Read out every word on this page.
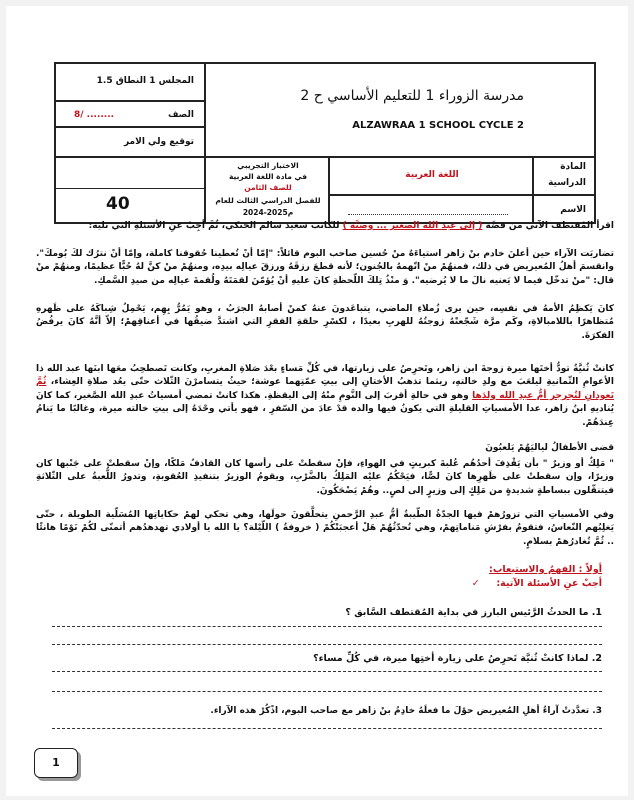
المجلس 1 النطاق 1.5
8/ ........	الصف
توقيع ولي الامر
40
مدرسة الزوراء 1 للتعليم الأساسي ح 2
ALZAWRAA 1 SCHOOL CYCLE 2
الاختبار التجريبي
في مادة اللغة العربية
للصف الثامن
للفصل الدراسي الثالث للعام
2024-2025م
اللغة العربية
المادة
الدراسية
الاسم
اقرأ المُقتطف الآتي من قصَّة ( إلى عبد الله الصغير ... وصيَّة ) للكاتب سعيد سالم الحنكي، ثُمَّ أجِبْ عنِ الأسئلةِ التي تليه:
تضاربَت الآراء حين أعلنَ خادم بنْ زاهر استياءَهُ منْ حُسين صاحب البوم قائلاً: "إمّا أنْ تُعطينا حُقوقنا كاملة، وإمّا أنْ نترُك لكَ بُومكَ". وانقسمَ أهلُ المُعيريض في ذلك، فمنهُمْ منْ اتّهمهُ بالجُنون؛ لأنه قطعَ رزقَهُ ورزقَ عيالِه بيدِه، ومنهُمْ منْ كنَّ لهُ حُبًّا عظيمًا، ومنهُمْ منْ قال: "منْ تدخّل فيما لا يَعنيه نالَ ما لا يُرضيه". وَ منْذُ تِلكَ اللّحظةِ كانَ عليهِ أنْ يُؤمّنَ لقمَتَهُ ولُقمةَ عيالِه من صيدِ السَّمكِ.
كانَ يَكظِمُ الأمهُ في نفسِه، حين يرى زُملاءِ الماضي، يتباعَدونَ عنهُ كمنْ أصابهُ الجرَبُ ، وهو يَمُرُّ بِهِم، يَحْمِلُ شِباكَهُ على ظَهرهِ مُتظاهرًا باللامبالاةِ، وكَم مرَّة شَجّعتْهُ زوجتُهُ للهربِ بعيدًا ، لكسْرِ حلقةِ الفقرِ التي اشتدَّ ضيقُها في أعناقِهمْ؛ إلاّ أنَّهُ كانَ يرفُضُ الفكرَةَ.
كانتْ ثُنيَّةُ تودُّ أختَها ميرة زوجةَ ابن زاهر، وتَحرِصُ على زيارتها، في كُلِّ مَساءٍ بعْدَ صَلاةِ المغربِ، وكانت تَصطحِبُ معَها ابنَها عبد الله ذا الأعوامِ الثّمانيةِ ليلعَبَ مع ولدِ خالتهِ، ريثما تذهبُ الأختانِ إلى بيتِ عمّتِهما عوشة؛ حيثُ يتسامرْنَ الثّلاث حتّى يعُد صلاةِ العِشاء، ثُمَّ تَعودانِ لتُجرجر أمُّ عبدِ الله ولدَها وهو في حالةِ أقربَ إلى النَّومِ منْهُ إلى اليقظةِ. هكذا كانتْ تمضي أمسياتُ عبدِ الله الصَّغير، كما كانَ يُناديهِ ابنُ زاهر، عدا الأمسياتِ القليلةِ التي يكونُ فيها والده قدْ عادَ من السّفرِ ، فهو يأتي وحْدَهُ إلى بيتِ خالته ميرة، وغالبًا ما يَنامُ عِندَهُمْ.
قضى الأطفالُ لياليَهُمْ يَلعبُونَ
" مَلِكٌ أو وزيرٌ " بأن يَقْذِفَ أحدُهُم عُلبةَ كبريتٍ في الهواءِ، فإنْ سقطتْ على رأسها كان القاذفُ مَلكًا، وإنْ سقطتْ على جَنْبها كان وزيرًا، وإن سقطتْ على ظَهرِها كانَ لصًّا، فيَحْكُمُ عليْه المَلِكُ بالضَّرْبِ، ويقومُ الوزيرُ بتنفيذِ العُقوبةِ، وتدورُ اللُّعبةُ على الثّلاثةِ فيتنقّلون ببساطةٍ شديدةٍ من مَلِكٍ إلى وزيرٍ إلى لصٍ.. وهُمْ يَضْحَكُونَ.
وفي الأمسياتِ التي تزورُهمْ فيها الجدّةُ الطّيبةُ أمُّ عبدِ الرَّحمنِ يتحلَّقونَ حولَها، وهي تحكي لهمْ حكاياتِها المُسَلّية الطويلة ، حتّى يَغلِبُهم النّعاسُ، فتقومُ بفرْشِ مَناماتِهمْ، وهي تُحدّثُهُمْ هَلْ أعجبَتْكُمْ ( خروفةُ ) اللّيْلة؟ يا الله يا أولادي تهدهدُهم أتمنّى لكُمْ نَوْمًا هانئًا .. ثُمَّ تُغادرُهمْ بسلامٍ.
أولاً : الفهمُ والاستيعاب:
أجبْ عنِ الأسئلة الآتية:  ✓
1. ما الحدثُ الرَّئيس البارز في بداية المُقتطف السَّابق ؟
2. لماذا كانتْ ثُنيَّة تَحرِصُ على زيارة أختِها ميرة، في كُلِّ مساء؟
3. تعدَّدتْ آراءُ أهلِ المُعيريض حوْلَ ما فعلَهُ خادِمُ بنْ زاهر مع صاحب البوم، اذْكُرْ هذه الآراء.
1
